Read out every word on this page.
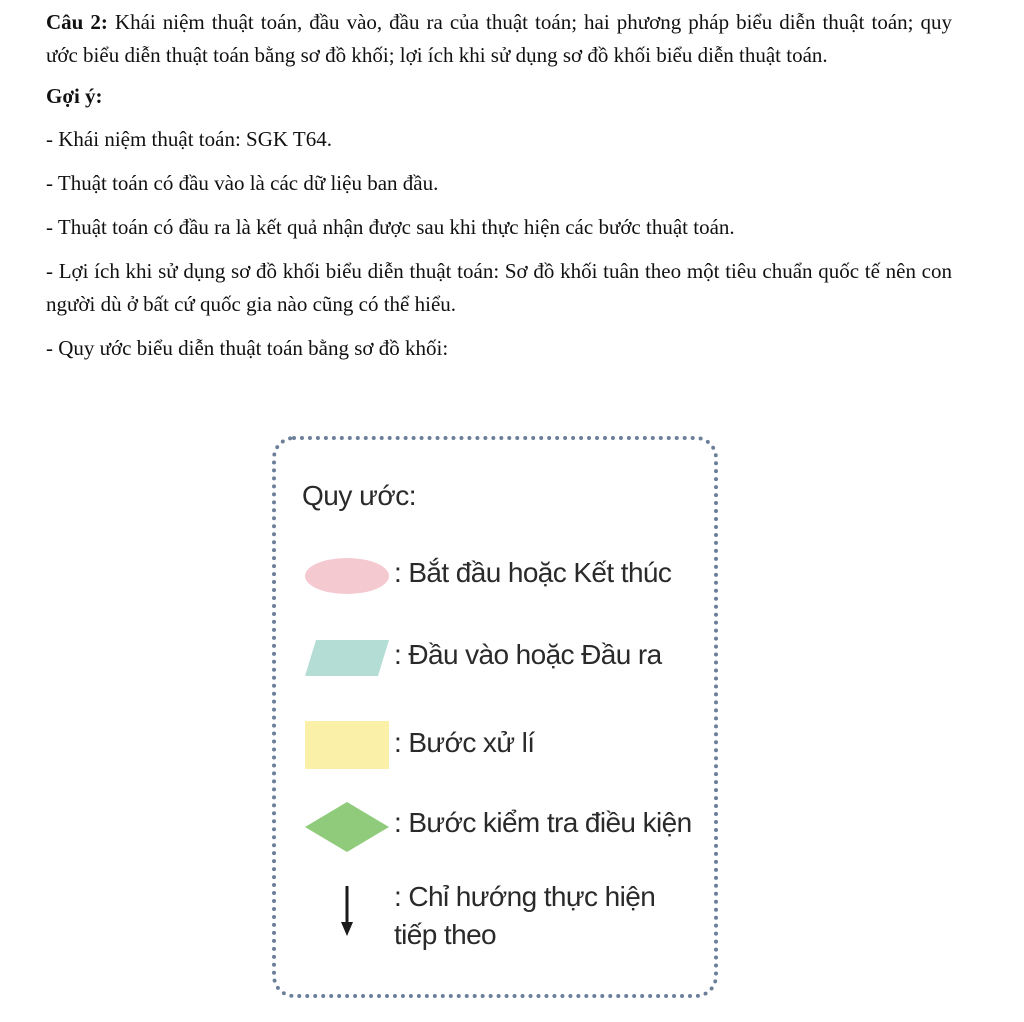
Câu 2: Khái niệm thuật toán, đầu vào, đầu ra của thuật toán; hai phương pháp biểu diễn thuật toán; quy ước biểu diễn thuật toán bằng sơ đồ khối; lợi ích khi sử dụng sơ đồ khối biểu diễn thuật toán.

Gợi ý:

- Khái niệm thuật toán: SGK T64.

- Thuật toán có đầu vào là các dữ liệu ban đầu.

- Thuật toán có đầu ra là kết quả nhận được sau khi thực hiện các bước thuật toán.

- Lợi ích khi sử dụng sơ đồ khối biểu diễn thuật toán: Sơ đồ khối tuân theo một tiêu chuẩn quốc tế nên con người dù ở bất cứ quốc gia nào cũng có thể hiểu.

- Quy ước biểu diễn thuật toán bằng sơ đồ khối:

Quy ước:
: Bắt đầu hoặc Kết thúc
: Đầu vào hoặc Đầu ra
: Bước xử lí
: Bước kiểm tra điều kiện
: Chỉ hướng thực hiện tiếp theo
